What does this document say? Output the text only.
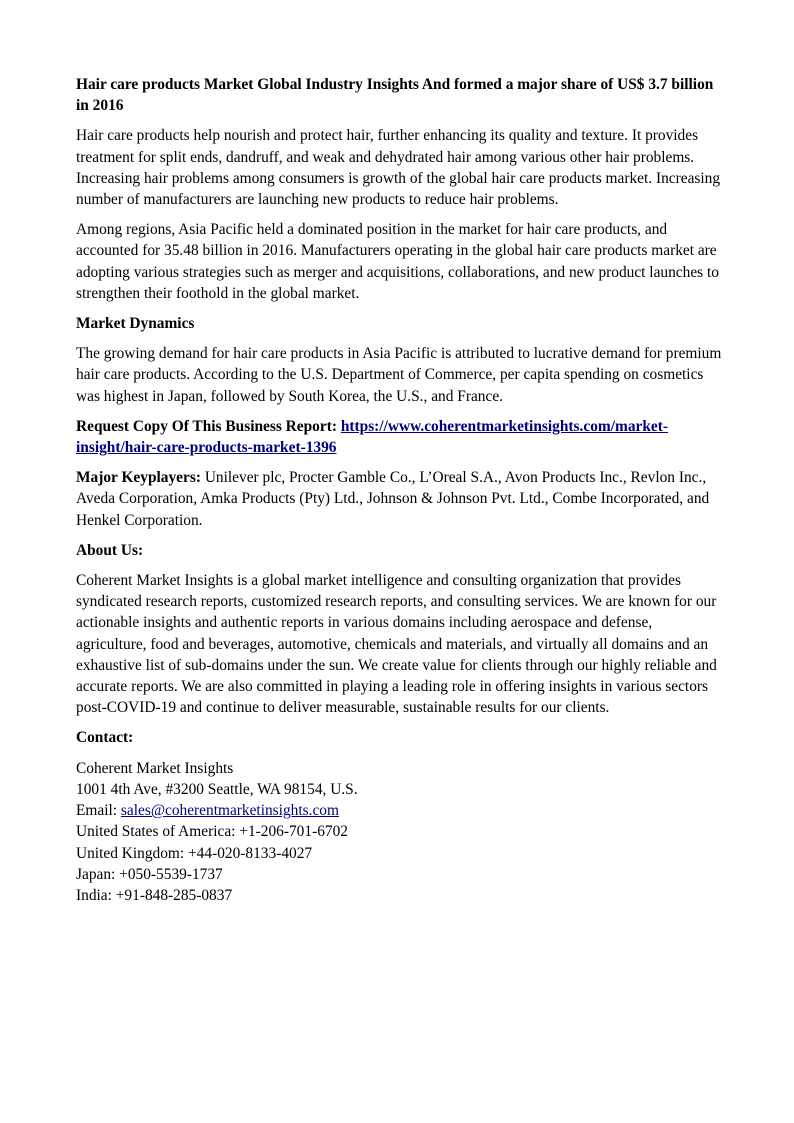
Hair care products Market Global Industry Insights And formed a major share of US$ 3.7 billion in 2016

Hair care products help nourish and protect hair, further enhancing its quality and texture. It provides treatment for split ends, dandruff, and weak and dehydrated hair among various other hair problems. Increasing hair problems among consumers is growth of the global hair care products market. Increasing number of manufacturers are launching new products to reduce hair problems.

Among regions, Asia Pacific held a dominated position in the market for hair care products, and accounted for 35.48 billion in 2016. Manufacturers operating in the global hair care products market are adopting various strategies such as merger and acquisitions, collaborations, and new product launches to strengthen their foothold in the global market.

Market Dynamics

The growing demand for hair care products in Asia Pacific is attributed to lucrative demand for premium hair care products. According to the U.S. Department of Commerce, per capita spending on cosmetics was highest in Japan, followed by South Korea, the U.S., and France.

Request Copy Of This Business Report: https://www.coherentmarketinsights.com/market-insight/hair-care-products-market-1396

Major Keyplayers: Unilever plc, Procter Gamble Co., L’Oreal S.A., Avon Products Inc., Revlon Inc., Aveda Corporation, Amka Products (Pty) Ltd., Johnson & Johnson Pvt. Ltd., Combe Incorporated, and Henkel Corporation.

About Us:

Coherent Market Insights is a global market intelligence and consulting organization that provides syndicated research reports, customized research reports, and consulting services. We are known for our actionable insights and authentic reports in various domains including aerospace and defense, agriculture, food and beverages, automotive, chemicals and materials, and virtually all domains and an exhaustive list of sub-domains under the sun. We create value for clients through our highly reliable and accurate reports. We are also committed in playing a leading role in offering insights in various sectors post-COVID-19 and continue to deliver measurable, sustainable results for our clients.

Contact:

Coherent Market Insights

1001 4th Ave, #3200 Seattle, WA 98154, U.S.

Email: sales@coherentmarketinsights.com

United States of America: +1-206-701-6702

United Kingdom: +44-020-8133-4027

Japan: +050-5539-1737

India: +91-848-285-0837
